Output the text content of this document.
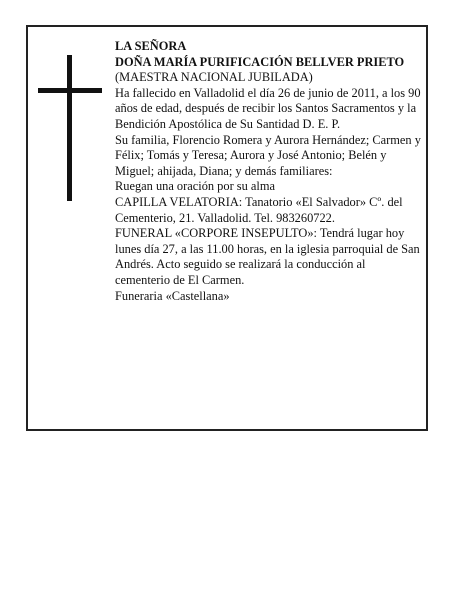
LA SEÑORA

DOÑA MARÍA PURIFICACIÓN BELLVER PRIETO

(MAESTRA NACIONAL JUBILADA)

Ha fallecido en Valladolid el día 26 de junio de 2011, a los 90 años de edad, después de recibir los Santos Sacramentos y la Bendición Apostólica de Su Santidad D. E. P.

Su familia, Florencio Romera y Aurora Hernández; Carmen y Félix; Tomás y Teresa; Aurora y José Antonio; Belén y Miguel; ahijada, Diana; y demás familiares:

Ruegan una oración por su alma

CAPILLA VELATORIA: Tanatorio «El Salvador» Cº. del Cementerio, 21. Valladolid. Tel. 983260722.

FUNERAL «CORPORE INSEPULTO»: Tendrá lugar hoy lunes día 27, a las 11.00 horas, en la iglesia parroquial de San Andrés. Acto seguido se realizará la conducción al cementerio de El Carmen.

Funeraria «Castellana»
